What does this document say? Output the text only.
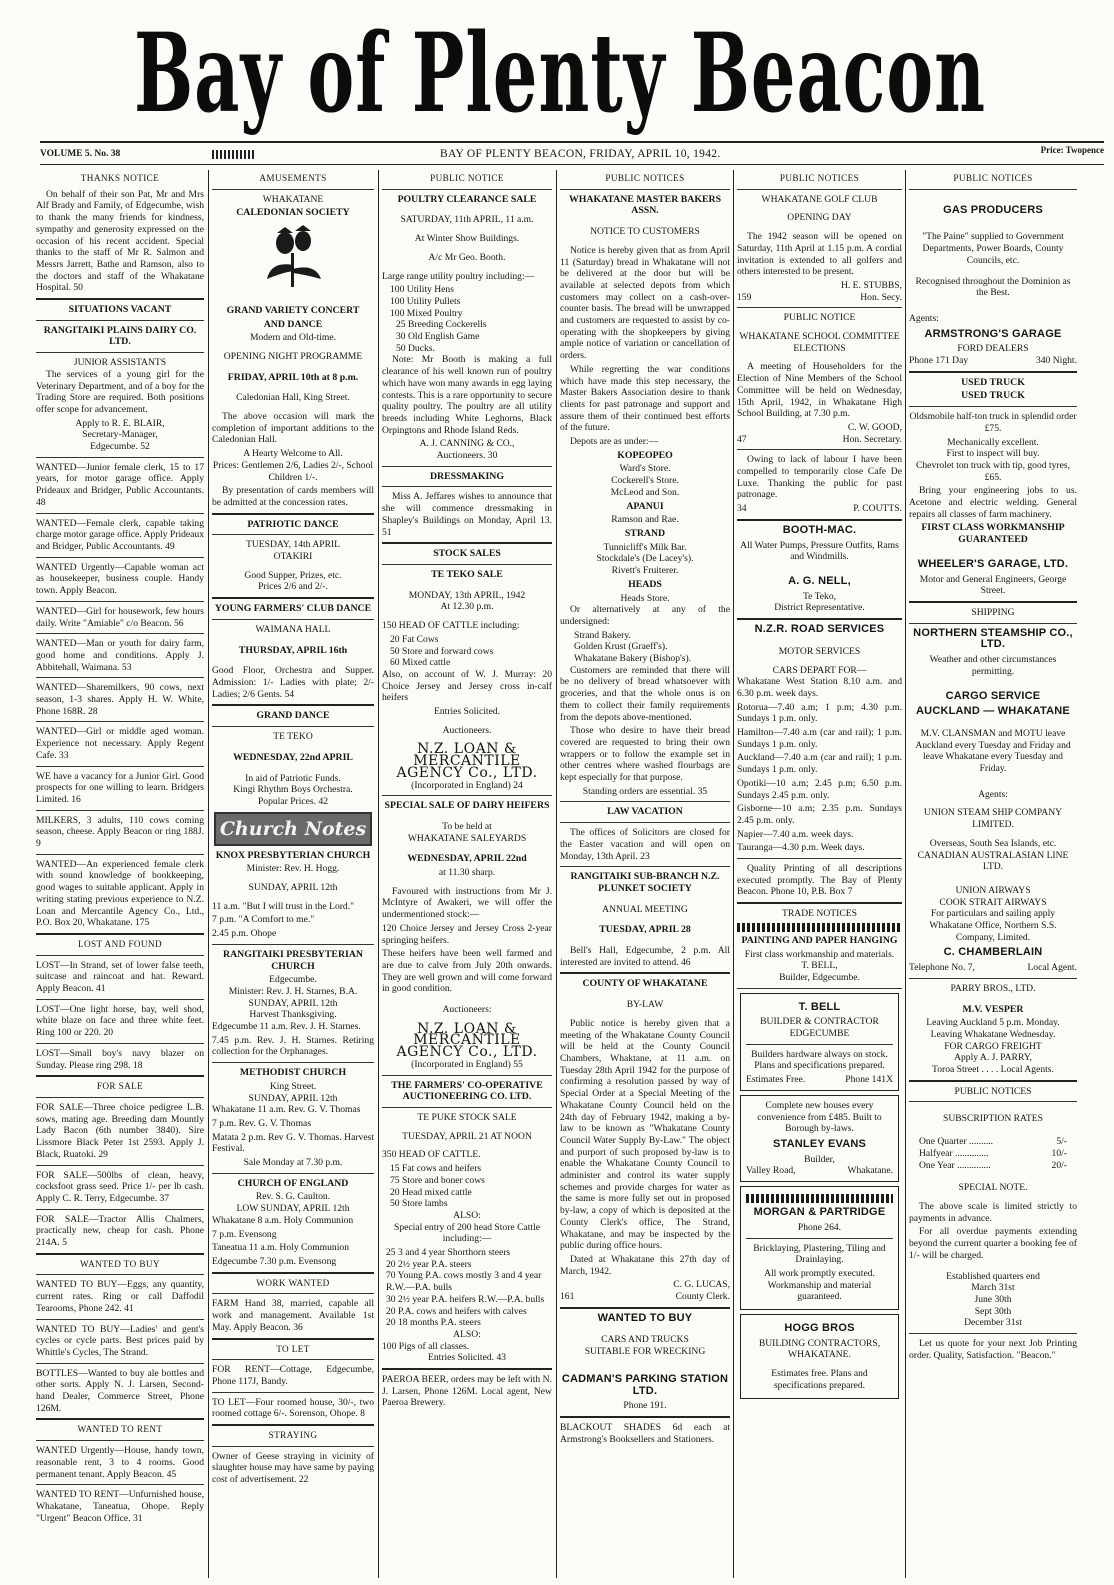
Bay of Plenty Beacon
VOLUME 5. No. 38	BAY OF PLENTY BEACON, FRIDAY, APRIL 10, 1942.	Price: Twopence
THANKS NOTICE

On behalf of their son Pat, Mr and Mrs Alf Brady and Family, of Edgecumbe, wish to thank the many friends for kindness, sympathy and generosity expressed on the occasion of his recent accident. Special thanks to the staff of Mr R. Salmon and Messrs Jarrett, Bathe and Ramson, also to the doctors and staff of the Whakatane Hospital. 50

SITUATIONS VACANT
RANGITAIKI PLAINS DAIRY CO. LTD.
JUNIOR ASSISTANTS

The services of a young girl for the Veterinary Department, and of a boy for the Trading Store are required. Both positions offer scope for advancement.

Apply to R. E. BLAIR,
Secretary-Manager,
Edgecumbe. 52

WANTED—Junior female clerk, 15 to 17 years, for motor garage office. Apply Prideaux and Bridger, Public Accountants. 48

WANTED—Female clerk, capable taking charge motor garage office. Apply Prideaux and Bridger, Public Accountants. 49

WANTED Urgently—Capable woman act as housekeeper, business couple. Handy town. Apply Beacon.

WANTED—Girl for housework, few hours daily. Write "Amiable" c/o Beacon. 56

WANTED—Man or youth for dairy farm, good home and conditions. Apply J. Abbitehall, Waimana. 53

WANTED—Sharemilkers, 90 cows, next season, 1-3 shares. Apply H. W. White, Phone 168R. 28

WANTED—Girl or middle aged woman. Experience not necessary. Apply Regent Cafe. 33

WE have a vacancy for a Junior Girl. Good prospects for one willing to learn. Bridgers Limited. 16

MILKERS, 3 adults, 110 cows coming season, cheese. Apply Beacon or ring 188J. 9

WANTED—An experienced female clerk with sound knowledge of bookkeeping, good wages to suitable applicant. Apply in writing stating previous experience to N.Z. Loan and Mercantile Agency Co., Ltd., P.O. Box 20, Whakatane. 175

LOST AND FOUND

LOST—In Strand, set of lower false teeth, suitcase and raincoat and hat. Reward. Apply Beacon. 41

LOST—One light horse, bay, well shod, white blaze on face and three white feet. Ring 100 or 220. 20

LOST—Small boy's navy blazer on Sunday. Please ring 298. 18

FOR SALE

FOR SALE—Three choice pedigree L.B. sows, mating age. Breeding dam Mountly Lady Bacon (6th number 3840). Sire Lissmore Black Peter 1st 2593. Apply J. Black, Ruatoki. 29

FOR SALE—500lbs of clean, heavy, cocksfoot grass seed. Price 1/- per lb cash. Apply C. R. Terry, Edgecumbe. 37

FOR SALE—Tractor Allis Chalmers, practically new, cheap for cash. Phone 214A. 5

WANTED TO BUY

WANTED TO BUY—Eggs, any quantity, current rates. Ring or call Daffodil Tearooms, Phone 242. 41

WANTED TO BUY—Ladies' and gent's cycles or cycle parts. Best prices paid by Whittle's Cycles, The Strand.

BOTTLES—Wanted to buy ale bottles and other sorts. Apply N. J. Larsen, Second-hand Dealer, Commerce Street, Phone 126M.

WANTED TO RENT

WANTED Urgently—House, handy town, reasonable rent, 3 to 4 rooms. Good permanent tenant. Apply Beacon. 45

WANTED TO RENT—Unfurnished house, Whakatane, Taneatua, Ohope. Reply "Urgent" Beacon Office. 31

AMUSEMENTS
WHAKATANE
CALEDONIAN SOCIETY
GRAND VARIETY CONCERT
AND DANCE
Modern and Old-time.
OPENING NIGHT PROGRAMME
FRIDAY, APRIL 10th at 8 p.m.
Caledonian Hall, King Street.

The above occasion will mark the completion of important additions to the Caledonian Hall.

A Hearty Welcome to All.

Prices: Gentlemen 2/6, Ladies 2/-, School Children 1/-.

By presentation of cards members will be admitted at the concession rates.

PATRIOTIC DANCE
TUESDAY, 14th APRIL
OTAKIRI
Good Supper, Prizes, etc.
Prices 2/6 and 2/-.
YOUNG FARMERS' CLUB DANCE
WAIMANA HALL
THURSDAY, APRIL 16th

Good Floor, Orchestra and Supper. Admission: 1/- Ladies with plate; 2/- Ladies; 2/6 Gents. 54

GRAND DANCE
TE TEKO
WEDNESDAY, 22nd APRIL
In aid of Patriotic Funds.
Kingi Rhythm Boys Orchestra.
Popular Prices. 42
Church Notes
KNOX PRESBYTERIAN CHURCH
Minister: Rev. H. Hogg.
SUNDAY, APRIL 12th

11 a.m. "But I will trust in the Lord."

7 p.m. "A Comfort to me."

2.45 p.m. Ohope

RANGITAIKI PRESBYTERIAN CHURCH
Edgecumbe.
Minister: Rev. J. H. Starnes, B.A.
SUNDAY, APRIL 12th
Harvest Thanksgiving.

Edgecumbe 11 a.m. Rev. J. H. Starnes.

7.45 p.m. Rev. J. H. Starnes. Retiring collection for the Orphanages.

METHODIST CHURCH
King Street.
SUNDAY, APRIL 12th

Whakatane 11 a.m. Rev. G. V. Thomas

7 p.m. Rev. G. V. Thomas

Matata 2 p.m. Rev G. V. Thomas. Harvest Festival.

Sale Monday at 7.30 p.m.
CHURCH OF ENGLAND
Rev. S. G. Caulton.
LOW SUNDAY, APRIL 12th

Whakatane 8 a.m. Holy Communion

7 p.m. Evensong

Taneatua 11 a.m. Holy Communion

Edgecumbe 7.30 p.m. Evensong

WORK WANTED

FARM Hand 38, married, capable all work and management. Available 1st May. Apply Beacon. 36

TO LET

FOR RENT—Cottage, Edgecumbe, Phone 117J, Bandy.

TO LET—Four roomed house, 30/-, two roomed cottage 6/-. Sorenson, Ohope. 8

STRAYING

Owner of Geese straying in vicinity of slaughter house may have same by paying cost of advertisement. 22

PUBLIC NOTICE
POULTRY CLEARANCE SALE
SATURDAY, 11th APRIL, 11 a.m.
At Winter Show Buildings.
A/c Mr Geo. Booth.

Large range utility poultry including:—

100 Utility Hens
100 Utility Pullets
100 Mixed Poultry
25 Breeding Cockerells
30 Old English Game
50 Ducks.

Note: Mr Booth is making a full clearance of his well known run of poultry which have won many awards in egg laying contests. This is a rare opportunity to secure quality poultry. The poultry are all utility breeds including White Leghorns, Black Orpingtons and Rhode Island Reds.

A. J. CANNING & CO.,
Auctioneers. 30
DRESSMAKING

Miss A. Jeffares wishes to announce that she will commence dressmaking in Shapley's Buildings on Monday, April 13. 51

STOCK SALES
TE TEKO SALE
MONDAY, 13th APRIL, 1942
At 12.30 p.m.

150 HEAD OF CATTLE including:

20 Fat Cows
50 Store and forward cows
60 Mixed cattle

Also, on account of W. J. Murray: 20 Choice Jersey and Jersey cross in-calf heifers

Entries Solicited.
Auctioneers.
N.Z. LOAN & MERCANTILE AGENCY Co., LTD.
(Incorporated in England) 24
SPECIAL SALE OF DAIRY HEIFERS
To be held at
WHAKATANE SALEYARDS
WEDNESDAY, APRIL 22nd
at 11.30 sharp.

Favoured with instructions from Mr J. McIntyre of Awakeri, we will offer the undermentioned stock:—

120 Choice Jersey and Jersey Cross 2-year springing heifers.

These heifers have been well farmed and are due to calve from July 20th onwards. They are well grown and will come forward in good condition.

Auctioneers:
N.Z. LOAN & MERCANTILE AGENCY Co., LTD.
(Incorporated in England) 55
THE FARMERS' CO-OPERATIVE AUCTIONEERING CO. LTD.
TE PUKE STOCK SALE
TUESDAY, APRIL 21 AT NOON

350 HEAD OF CATTLE.

15 Fat cows and heifers
75 Store and boner cows
20 Head mixed cattle
50 Store lambs
ALSO:

Special entry of 200 head Store Cattle including:—

25 3 and 4 year Shorthorn steers
20 2½ year P.A. steers
70 Young P.A. cows mostly 3 and 4 year R.W.—P.A. bulls
30 2½ year P.A. heifers R.W.—P.A. bulls
20 P.A. cows and heifers with calves
20 18 months P.A. steers
ALSO:
100 Pigs of all classes.
Entries Solicited. 43

PAEROA BEER, orders may be left with N. J. Larsen, Phone 126M. Local agent, New Paeroa Brewery.

PUBLIC NOTICES
WHAKATANE MASTER BAKERS ASSN.
NOTICE TO CUSTOMERS

Notice is hereby given that as from April 11 (Saturday) bread in Whakatane will not be delivered at the door but will be available at selected depots from which customers may collect on a cash-over-counter basis. The bread will be unwrapped and customers are requested to assist by co-operating with the shopkeepers by giving ample notice of variation or cancellation of orders.

While regretting the war conditions which have made this step necessary, the Master Bakers Association desire to thank clients for past patronage and support and assure them of their continued best efforts of the future.

Depots are as under:—
KOPEOPEO
Ward's Store.
Cockerell's Store.
McLeod and Son.
APANUI
Ramson and Rae.
STRAND
Tunnicliff's Milk Bar.
Stockdale's (De Lacey's).
Rivett's Fruiterer.
HEADS
Heads Store.

Or alternatively at any of the undersigned:

Strand Bakery.
Golden Krust (Graeff's).
Whakatane Bakery (Bishop's).

Customers are reminded that there will be no delivery of bread whatsoever with groceries, and that the whole onus is on them to collect their family requirements from the depots above-mentioned.

Those who desire to have their bread covered are requested to bring their own wrappers or to follow the example set in other centres where washed flourbags are kept especially for that purpose.

Standing orders are essential. 35
LAW VACATION

The offices of Solicitors are closed for the Easter vacation and will open on Monday, 13th April. 23

RANGITAIKI SUB-BRANCH N.Z. PLUNKET SOCIETY
ANNUAL MEETING
TUESDAY, APRIL 28

Bell's Hall, Edgecumbe, 2 p.m. All interested are invited to attend. 46

COUNTY OF WHAKATANE
BY-LAW

Public notice is hereby given that a meeting of the Whakatane County Council will be held at the County Council Chambers, Whaktane, at 11 a.m. on Tuesday 28th April 1942 for the purpose of confirming a resolution passed by way of Special Order at a Special Meeting of the Whakatane County Council held on the 24th day of February 1942, making a by-law to be known as "Whakatane County Council Water Supply By-Law." The object and purport of such proposed by-law is to enable the Whakatane County Council to administer and control its water supply schemes and provide charges for water as the same is more fully set out in proposed by-law, a copy of which is deposited at the County Clerk's office, The Strand, Whakatane, and may be inspected by the public during office hours.

Dated at Whakatane this 27th day of March, 1942.

C. G. LUCAS,
161	County Clerk.
WANTED TO BUY
CARS AND TRUCKS
SUITABLE FOR WRECKING
CADMAN'S PARKING STATION LTD.
Phone 191.

BLACKOUT SHADES 6d each at Armstrong's Booksellers and Stationers.

PUBLIC NOTICES
WHAKATANE GOLF CLUB
OPENING DAY

The 1942 season will be opened on Saturday, 11th April at 1.15 p.m. A cordial invitation is extended to all golfers and others interested to be present.

H. E. STUBBS,
159	Hon. Secy.
PUBLIC NOTICE
WHAKATANE SCHOOL COMMITTEE ELECTIONS

A meeting of Householders for the Election of Nine Members of the School Committee will be held on Wednesday, 15th April, 1942, in Whakatane High School Building, at 7.30 p.m.

C. W. GOOD,
47	Hon. Secretary.

Owing to lack of labour I have been compelled to temporarily close Cafe De Luxe. Thanking the public for past patronage.

34	P. COUTTS.
BOOTH-MAC.

All Water Pumps, Pressure Outfits, Rams and Windmills.

A. G. NELL,
Te Teko,
District Representative.
N.Z.R. ROAD SERVICES
MOTOR SERVICES
CARS DEPART FOR—

Whakatane West Station 8.10 a.m. and 6.30 p.m. week days.

Rotorua—7.40 a.m; 1 p.m; 4.30 p.m. Sundays 1 p.m. only.

Hamilton—7.40 a.m (car and rail); 1 p.m. Sundays 1 p.m. only.

Auckland—7.40 a.m (car and rail); 1 p.m. Sundays 1 p.m. only.

Opotiki—10 a.m; 2.45 p.m; 6.50 p.m. Sundays 2.45 p.m. only.

Gisborne—10 a.m; 2.35 p.m. Sundays 2.45 p.m. only.

Napier—7.40 a.m. week days.

Tauranga—4.30 p.m. Week days.

Quality Printing of all descriptions executed promptly. The Bay of Plenty Beacon. Phone 10, P.B. Box 7

TRADE NOTICES
PAINTING AND PAPER HANGING
First class workmanship and materials.
T. BELL,
Builder, Edgecumbe.
T. BELL
BUILDER & CONTRACTOR
EDGECUMBE

Builders hardware always on stock. Plans and specifications prepared.

Estimates Free.	Phone 141X

Complete new houses every convenience from £485. Built to Borough by-laws.

STANLEY EVANS
Builder,
Valley Road,	Whakatane.
MORGAN & PARTRIDGE
Phone 264.

Bricklaying, Plastering, Tiling and Drainlaying.

All work promptly executed. Workmanship and material guaranteed.

HOGG BROS
BUILDING CONTRACTORS,
WHAKATANE.

Estimates free. Plans and specifications prepared.

PUBLIC NOTICES
GAS PRODUCERS

"The Paine" supplied to Government Departments, Power Boards, County Councils, etc.

Recognised throughout the Dominion as the Best.

Agents:
ARMSTRONG'S GARAGE
FORD DEALERS
Phone 171 Day	340 Night.
USED TRUCK
USED TRUCK

Oldsmobile half-ton truck in splendid order £75.

Mechanically excellent.
First to inspect will buy.

Chevrolet ton truck with tip, good tyres, £65.

Bring your engineering jobs to us. Acetone and electric welding. General repairs all classes of farm machinery.

FIRST CLASS WORKMANSHIP GUARANTEED
WHEELER'S GARAGE, LTD.
Motor and General Engineers, George Street.
SHIPPING
NORTHERN STEAMSHIP CO., LTD.

Weather and other circumstances permitting.

CARGO SERVICE
AUCKLAND — WHAKATANE

M.V. CLANSMAN and MOTU leave Auckland every Tuesday and Friday and leave Whakatane every Tuesday and Friday.

Agents:
UNION STEAM SHIP COMPANY LIMITED.
Overseas, South Sea Islands, etc.
CANADIAN AUSTRALASIAN LINE LTD.
UNION AIRWAYS
COOK STRAIT AIRWAYS

For particulars and sailing apply Whakatane Office, Northern S.S. Company, Limited.

C. CHAMBERLAIN
Telephone No. 7,	Local Agent.
PARRY BROS., LTD.
M.V. VESPER
Leaving Auckland 5 p.m. Monday.
Leaving Whakatane Wednesday.
FOR CARGO FREIGHT
Apply A. J. PARRY,
Toroa Street . . . . Local Agents.
PUBLIC NOTICES
SUBSCRIPTION RATES
One Quarter ..........	5/-
Halfyear ..............	10/-
One Year ..............	20/-
SPECIAL NOTE.

The above scale is limited strictly to payments in advance.

For all overdue payments extending beyond the current quarter a booking fee of 1/- will be charged.

Established quarters end
March 31st
June 30th
Sept 30th
December 31st

Let us quote for your next Job Printing order. Quality, Satisfaction. "Beacon."
